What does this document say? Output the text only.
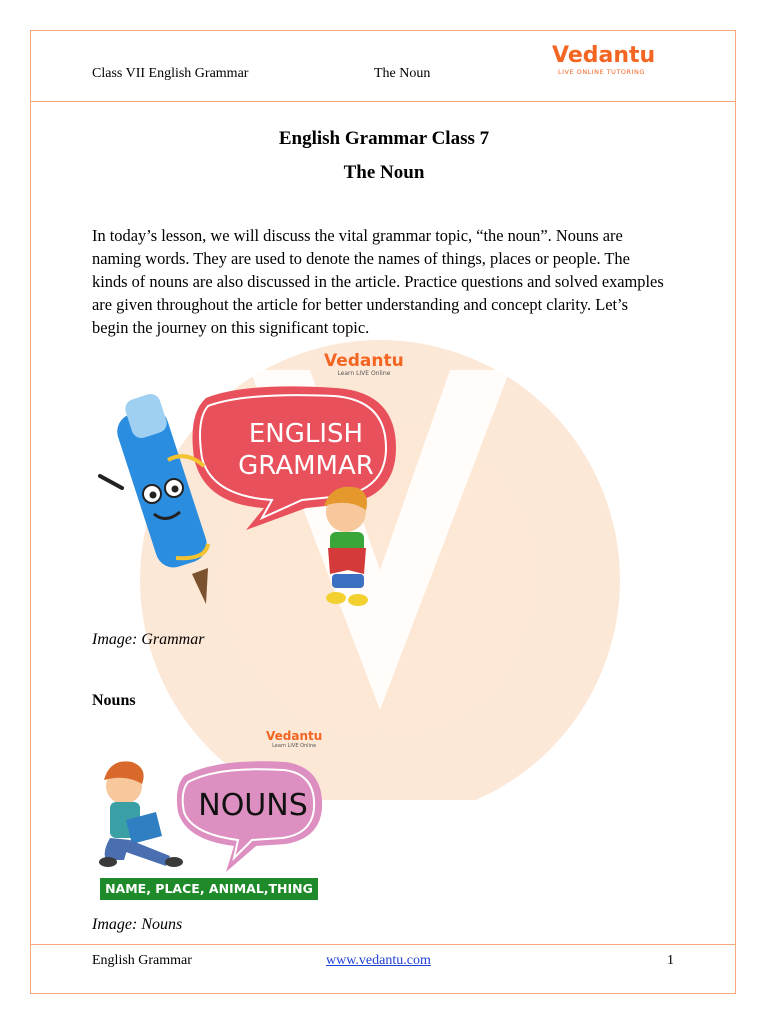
Class VII English Grammar	The Noun
Vedantu
LIVE ONLINE TUTORING
English Grammar Class 7
The Noun

In today’s lesson, we will discuss the vital grammar topic, “the noun”. Nouns are naming words. They are used to denote the names of things, places or people. The kinds of nouns are also discussed in the article. Practice questions and solved examples are given throughout the article for better understanding and concept clarity. Let’s begin the journey on this significant topic.

Vedantu
Learn LIVE Online
ENGLISH
GRAMMAR
Image: Grammar
Nouns
Vedantu
Learn LIVE Online
NOUNS
NAME, PLACE, ANIMAL,THING
Image: Nouns
English Grammar	www.vedantu.com	1
